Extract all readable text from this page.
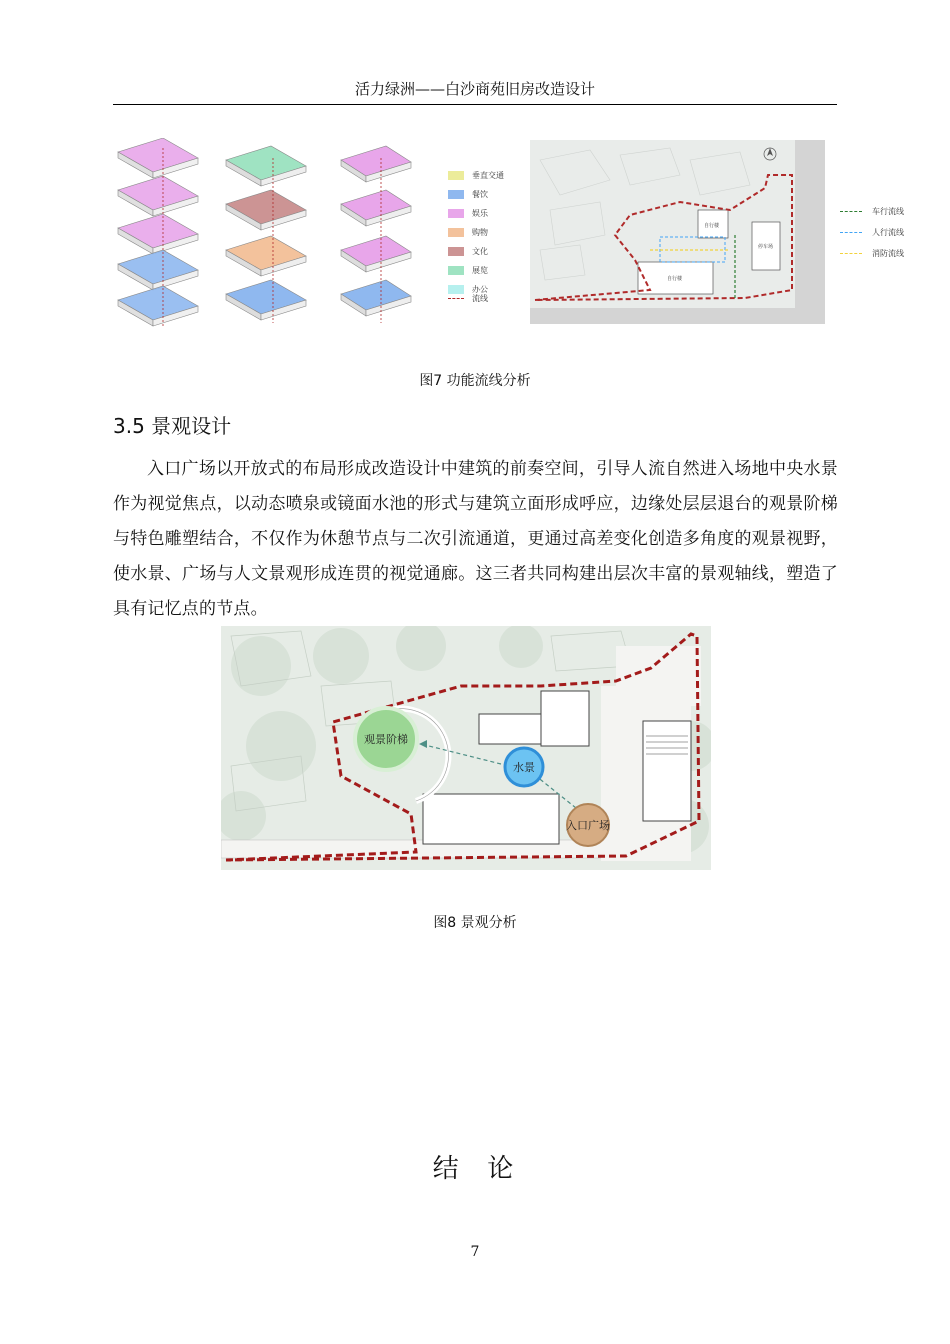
活力绿洲——白沙商苑旧房改造设计
垂直交通
餐饮
娱乐
购物
文化
展览
办公
流线
自行楼
自行楼
停车场
车行流线
人行流线
消防流线
图7 功能流线分析
3.5 景观设计
入口广场以开放式的布局形成改造设计中建筑的前奏空间，引导人流自然进入场地中央水景作为视觉焦点，以动态喷泉或镜面水池的形式与建筑立面形成呼应，边缘处层层退台的观景阶梯与特色雕塑结合，不仅作为休憩节点与二次引流通道，更通过高差变化创造多角度的观景视野，使水景、广场与人文景观形成连贯的视觉通廊。这三者共同构建出层次丰富的景观轴线，塑造了具有记忆点的节点。
观景阶梯
水景
入口广场
图8 景观分析
结  论
7
